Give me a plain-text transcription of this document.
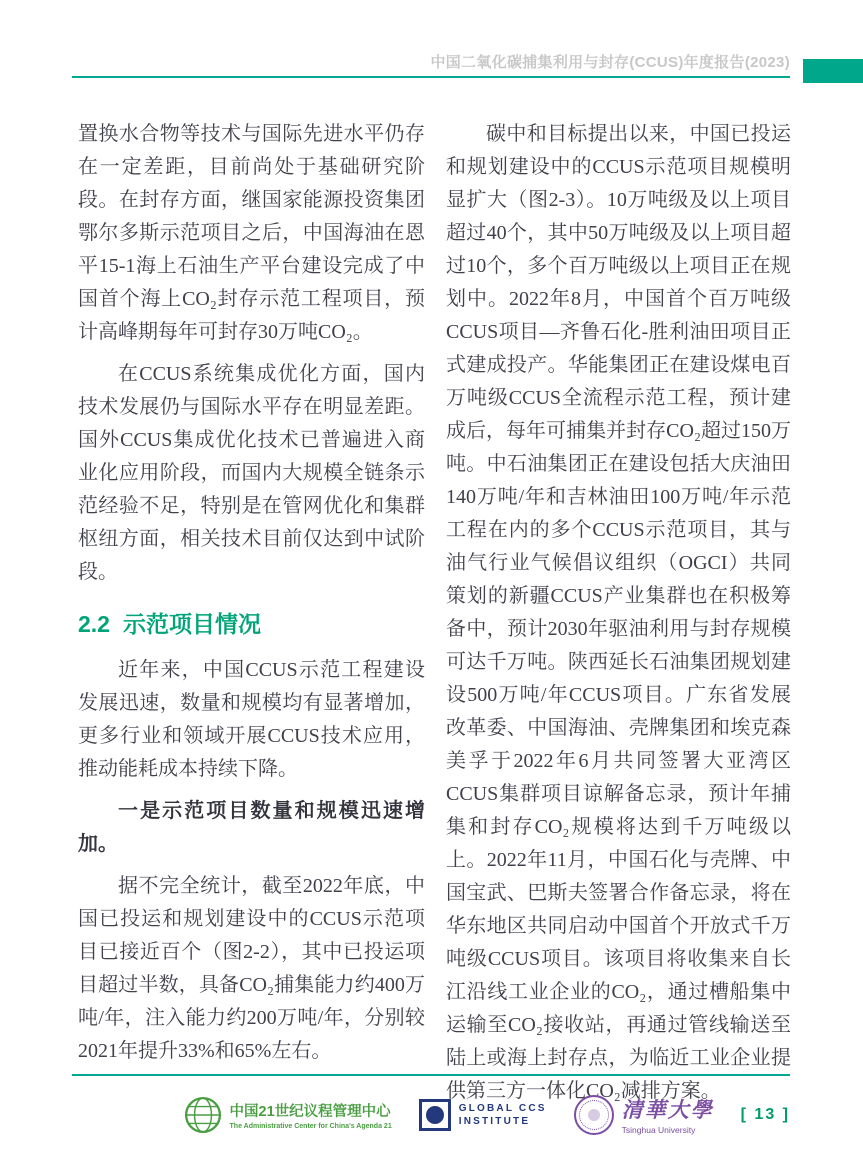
中国二氧化碳捕集利用与封存(CCUS)年度报告(2023)

置换水合物等技术与国际先进水平仍存在一定差距，目前尚处于基础研究阶段。在封存方面，继国家能源投资集团鄂尔多斯示范项目之后，中国海油在恩平15-1海上石油生产平台建设完成了中国首个海上CO₂封存示范工程项目，预计高峰期每年可封存30万吨CO₂。

在CCUS系统集成优化方面，国内技术发展仍与国际水平存在明显差距。国外CCUS集成优化技术已普遍进入商业化应用阶段，而国内大规模全链条示范经验不足，特别是在管网优化和集群枢纽方面，相关技术目前仅达到中试阶段。

2.2 示范项目情况

近年来，中国CCUS示范工程建设发展迅速，数量和规模均有显著增加，更多行业和领域开展CCUS技术应用，推动能耗成本持续下降。

一是示范项目数量和规模迅速增加。

据不完全统计，截至2022年底，中国已投运和规划建设中的CCUS示范项目已接近百个（图2-2），其中已投运项目超过半数，具备CO₂捕集能力约400万吨/年，注入能力约200万吨/年，分别较2021年提升33%和65%左右。

碳中和目标提出以来，中国已投运和规划建设中的CCUS示范项目规模明显扩大（图2-3）。10万吨级及以上项目超过40个，其中50万吨级及以上项目超过10个，多个百万吨级以上项目正在规划中。2022年8月，中国首个百万吨级CCUS项目—齐鲁石化-胜利油田项目正式建成投产。华能集团正在建设煤电百万吨级CCUS全流程示范工程，预计建成后，每年可捕集并封存CO₂超过150万吨。中石油集团正在建设包括大庆油田140万吨/年和吉林油田100万吨/年示范工程在内的多个CCUS示范项目，其与油气行业气候倡议组织（OGCI）共同策划的新疆CCUS产业集群也在积极筹备中，预计2030年驱油利用与封存规模可达千万吨。陕西延长石油集团规划建设500万吨/年CCUS项目。广东省发展改革委、中国海油、壳牌集团和埃克森美孚于2022年6月共同签署大亚湾区CCUS集群项目谅解备忘录，预计年捕集和封存CO₂规模将达到千万吨级以上。2022年11月，中国石化与壳牌、中国宝武、巴斯夫签署合作备忘录，将在华东地区共同启动中国首个开放式千万吨级CCUS项目。该项目将收集来自长江沿线工业企业的CO₂，通过槽船集中运输至CO₂接收站，再通过管线输送至陆上或海上封存点，为临近工业企业提供第三方一体化CO₂减排方案。

中国21世纪议程管理中心
The Administrative Center for China's Agenda 21
GLOBAL CCS
INSTITUTE	清華大學
Tsinghua University
[ 13 ]
